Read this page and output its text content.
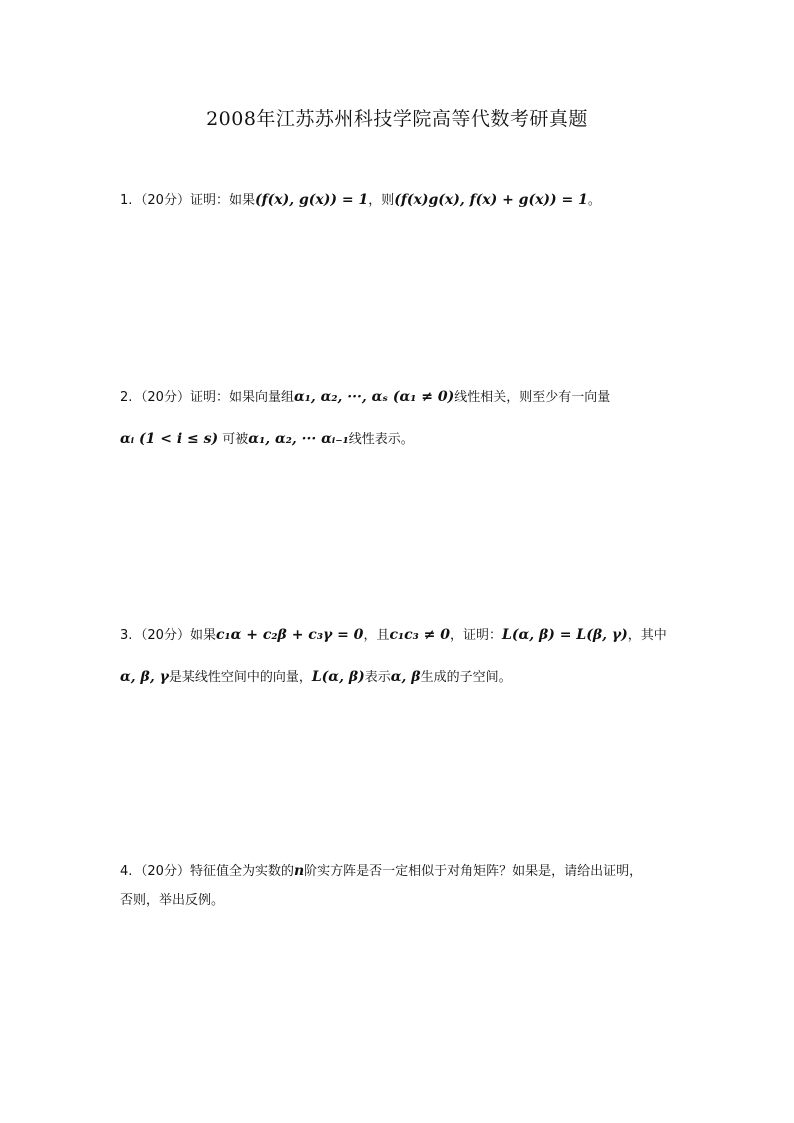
2008年江苏苏州科技学院高等代数考研真题
1. （20分）证明：如果(f(x), g(x)) = 1，则(f(x)g(x), f(x) + g(x)) = 1。
2. （20分）证明：如果向量组α₁, α₂, ···, αₛ (α₁ ≠ 0)线性相关，则至少有一向量
αᵢ (1 < i ≤ s) 可被α₁, α₂, ··· αᵢ₋₁线性表示。
3. （20分）如果c₁α + c₂β + c₃γ = 0，且c₁c₃ ≠ 0，证明：L(α, β) = L(β, γ)，其中
α, β, γ是某线性空间中的向量，L(α, β)表示α, β生成的子空间。
4. （20分）特征值全为实数的n阶实方阵是否一定相似于对角矩阵？如果是，请给出证明，
否则，举出反例。
